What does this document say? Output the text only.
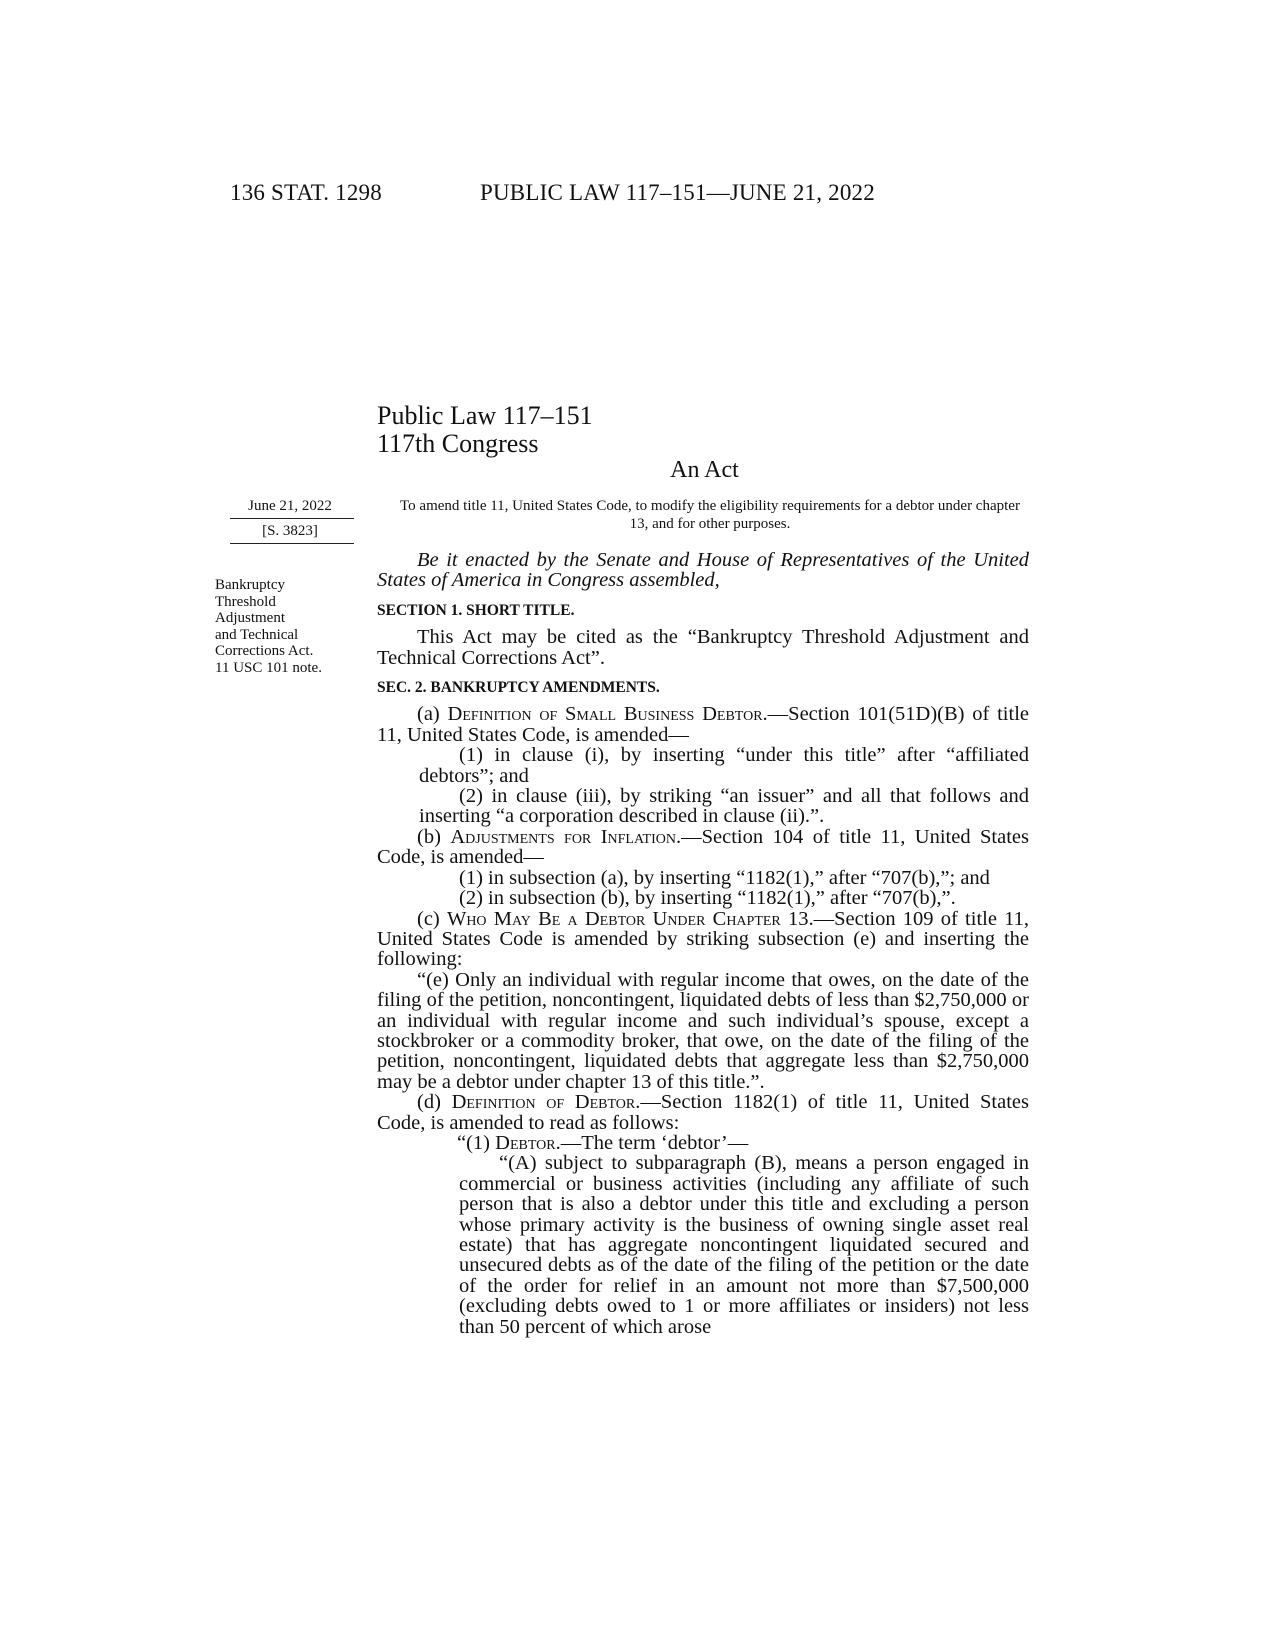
136 STAT. 1298	PUBLIC LAW 117–151—JUNE 21, 2022
Public Law 117–151
117th Congress
An Act
June 21, 2022
[S. 3823]
Bankruptcy
Threshold
Adjustment
and Technical
Corrections Act.
11 USC 101 note.
To amend title 11, United States Code, to modify the eligibility requirements for a debtor under chapter 13, and for other purposes.

Be it enacted by the Senate and House of Representatives of the United States of America in Congress assembled,

SECTION 1. SHORT TITLE.

This Act may be cited as the “Bankruptcy Threshold Adjustment and Technical Corrections Act”.

SEC. 2. BANKRUPTCY AMENDMENTS.

(a) Definition of Small Business Debtor.—Section 101(51D)(B) of title 11, United States Code, is amended—

(1) in clause (i), by inserting “under this title” after “affiliated debtors”; and

(2) in clause (iii), by striking “an issuer” and all that follows and inserting “a corporation described in clause (ii).”.

(b) Adjustments for Inflation.—Section 104 of title 11, United States Code, is amended—

(1) in subsection (a), by inserting “1182(1),” after “707(b),”; and

(2) in subsection (b), by inserting “1182(1),” after “707(b),”.

(c) Who May Be a Debtor Under Chapter 13.—Section 109 of title 11, United States Code is amended by striking subsection (e) and inserting the following:

“(e) Only an individual with regular income that owes, on the date of the filing of the petition, noncontingent, liquidated debts of less than $2,750,000 or an individual with regular income and such individual’s spouse, except a stockbroker or a commodity broker, that owe, on the date of the filing of the petition, noncontingent, liquidated debts that aggregate less than $2,750,000 may be a debtor under chapter 13 of this title.”.

(d) Definition of Debtor.—Section 1182(1) of title 11, United States Code, is amended to read as follows:

“(1) Debtor.—The term ‘debtor’—

“(A) subject to subparagraph (B), means a person engaged in commercial or business activities (including any affiliate of such person that is also a debtor under this title and excluding a person whose primary activity is the business of owning single asset real estate) that has aggregate noncontingent liquidated secured and unsecured debts as of the date of the filing of the petition or the date of the order for relief in an amount not more than $7,500,000 (excluding debts owed to 1 or more affiliates or insiders) not less than 50 percent of which arose
